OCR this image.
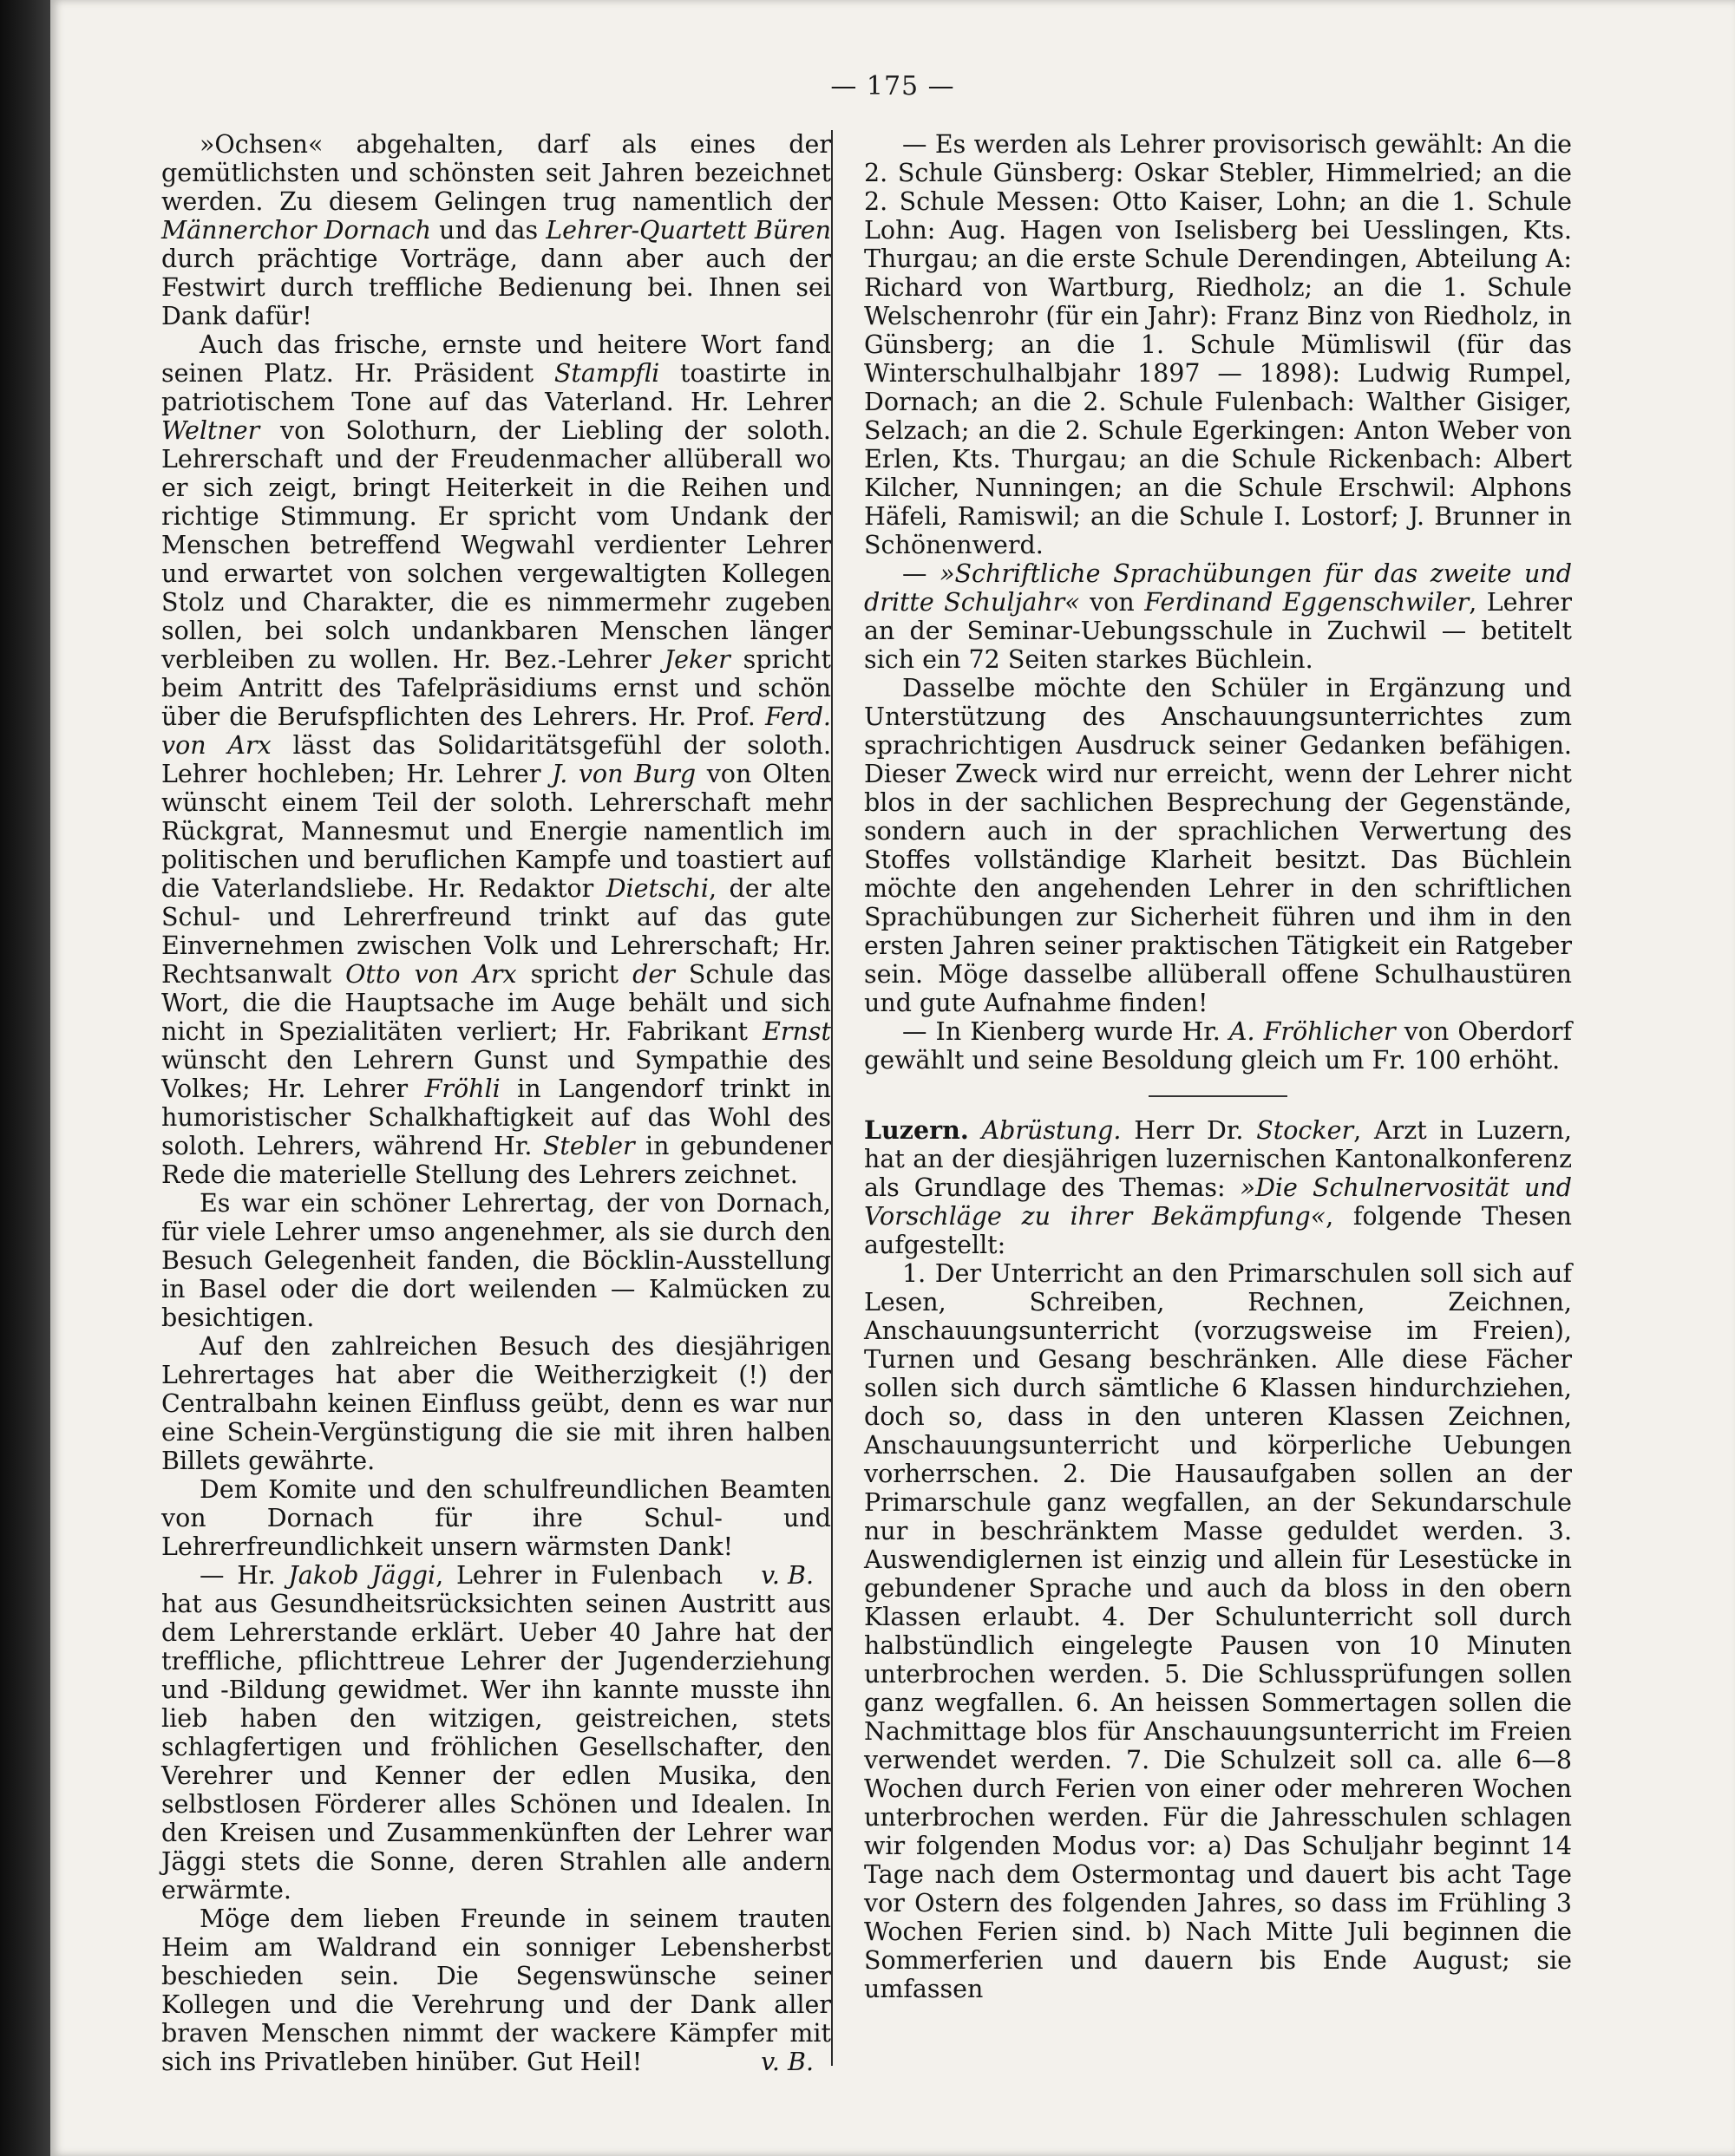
— 175 —

»Ochsen« abgehalten, darf als eines der gemütlichsten und schönsten seit Jahren bezeichnet werden. Zu diesem Gelingen trug namentlich der Männerchor Dornach und das Lehrer-Quartett Büren durch prächtige Vorträge, dann aber auch der Festwirt durch treffliche Bedienung bei. Ihnen sei Dank dafür!

Auch das frische, ernste und heitere Wort fand seinen Platz. Hr. Präsident Stampfli toastirte in patriotischem Tone auf das Vaterland. Hr. Lehrer Weltner von Solothurn, der Liebling der soloth. Lehrerschaft und der Freudenmacher allüberall wo er sich zeigt, bringt Heiterkeit in die Reihen und richtige Stimmung. Er spricht vom Undank der Menschen betreffend Wegwahl verdienter Lehrer und erwartet von solchen vergewaltigten Kollegen Stolz und Charakter, die es nimmermehr zugeben sollen, bei solch undankbaren Menschen länger verbleiben zu wollen. Hr. Bez.-Lehrer Jeker spricht beim Antritt des Tafelpräsidiums ernst und schön über die Berufspflichten des Lehrers. Hr. Prof. Ferd. von Arx lässt das Solidaritätsgefühl der soloth. Lehrer hochleben; Hr. Lehrer J. von Burg von Olten wünscht einem Teil der soloth. Lehrerschaft mehr Rückgrat, Mannesmut und Energie namentlich im politischen und beruflichen Kampfe und toastiert auf die Vaterlandsliebe. Hr. Redaktor Dietschi, der alte Schul- und Lehrerfreund trinkt auf das gute Einvernehmen zwischen Volk und Lehrerschaft; Hr. Rechtsanwalt Otto von Arx spricht der Schule das Wort, die die Hauptsache im Auge behält und sich nicht in Spezialitäten verliert; Hr. Fabrikant Ernst wünscht den Lehrern Gunst und Sympathie des Volkes; Hr. Lehrer Fröhli in Langendorf trinkt in humoristischer Schalkhaftigkeit auf das Wohl des soloth. Lehrers, während Hr. Stebler in gebundener Rede die materielle Stellung des Lehrers zeichnet.

Es war ein schöner Lehrertag, der von Dornach, für viele Lehrer umso angenehmer, als sie durch den Besuch Gelegenheit fanden, die Böcklin-Ausstellung in Basel oder die dort weilenden — Kalmücken zu besichtigen.

Auf den zahlreichen Besuch des diesjährigen Lehrertages hat aber die Weitherzigkeit (!) der Centralbahn keinen Einfluss geübt, denn es war nur eine Schein-Vergünstigung die sie mit ihren halben Billets gewährte.

Dem Komite und den schulfreundlichen Beamten von Dornach für ihre Schul- und Lehrerfreundlichkeit unsern wärmsten Dank!
v. B.

— Hr. Jakob Jäggi, Lehrer in Fulenbach hat aus Gesundheitsrücksichten seinen Austritt aus dem Lehrerstande erklärt. Ueber 40 Jahre hat der treffliche, pflichttreue Lehrer der Jugenderziehung und -Bildung gewidmet. Wer ihn kannte musste ihn lieb haben den witzigen, geistreichen, stets schlagfertigen und fröhlichen Gesellschafter, den Verehrer und Kenner der edlen Musika, den selbstlosen Förderer alles Schönen und Idealen. In den Kreisen und Zusammenkünften der Lehrer war Jäggi stets die Sonne, deren Strahlen alle andern erwärmte.

Möge dem lieben Freunde in seinem trauten Heim am Waldrand ein sonniger Lebensherbst beschieden sein. Die Segenswünsche seiner Kollegen und die Verehrung und der Dank aller braven Menschen nimmt der wackere Kämpfer mit sich ins Privatleben hinüber. Gut Heil!	v. B.

— Es werden als Lehrer provisorisch gewählt: An die 2. Schule Günsberg: Oskar Stebler, Himmelried; an die 2. Schule Messen: Otto Kaiser, Lohn; an die 1. Schule Lohn: Aug. Hagen von Iselisberg bei Uesslingen, Kts. Thurgau; an die erste Schule Derendingen, Abteilung A: Richard von Wartburg, Riedholz; an die 1. Schule Welschenrohr (für ein Jahr): Franz Binz von Riedholz, in Günsberg; an die 1. Schule Mümliswil (für das Winterschulhalbjahr 1897 — 1898): Ludwig Rumpel, Dornach; an die 2. Schule Fulenbach: Walther Gisiger, Selzach; an die 2. Schule Egerkingen: Anton Weber von Erlen, Kts. Thurgau; an die Schule Rickenbach: Albert Kilcher, Nunningen; an die Schule Erschwil: Alphons Häfeli, Ramiswil; an die Schule I. Lostorf; J. Brunner in Schönenwerd.

— »Schriftliche Sprachübungen für das zweite und dritte Schuljahr« von Ferdinand Eggenschwiler, Lehrer an der Seminar-Uebungsschule in Zuchwil — betitelt sich ein 72 Seiten starkes Büchlein.

Dasselbe möchte den Schüler in Ergänzung und Unterstützung des Anschauungsunterrichtes zum sprachrichtigen Ausdruck seiner Gedanken befähigen. Dieser Zweck wird nur erreicht, wenn der Lehrer nicht blos in der sachlichen Besprechung der Gegenstände, sondern auch in der sprachlichen Verwertung des Stoffes vollständige Klarheit besitzt. Das Büchlein möchte den angehenden Lehrer in den schriftlichen Sprachübungen zur Sicherheit führen und ihm in den ersten Jahren seiner praktischen Tätigkeit ein Ratgeber sein. Möge dasselbe allüberall offene Schulhaustüren und gute Aufnahme finden!

— In Kienberg wurde Hr. A. Fröhlicher von Oberdorf gewählt und seine Besoldung gleich um Fr. 100 erhöht.

Luzern. Abrüstung. Herr Dr. Stocker, Arzt in Luzern, hat an der diesjährigen luzernischen Kantonalkonferenz als Grundlage des Themas: »Die Schulnervosität und Vorschläge zu ihrer Bekämpfung«, folgende Thesen aufgestellt:

1. Der Unterricht an den Primarschulen soll sich auf Lesen, Schreiben, Rechnen, Zeichnen, Anschauungsunterricht (vorzugsweise im Freien), Turnen und Gesang beschränken. Alle diese Fächer sollen sich durch sämtliche 6 Klassen hindurchziehen, doch so, dass in den unteren Klassen Zeichnen, Anschauungsunterricht und körperliche Uebungen vorherrschen. 2. Die Hausaufgaben sollen an der Primarschule ganz wegfallen, an der Sekundarschule nur in beschränktem Masse geduldet werden. 3. Auswendiglernen ist einzig und allein für Lesestücke in gebundener Sprache und auch da bloss in den obern Klassen erlaubt. 4. Der Schulunterricht soll durch halbstündlich eingelegte Pausen von 10 Minuten unterbrochen werden. 5. Die Schlussprüfungen sollen ganz wegfallen. 6. An heissen Sommertagen sollen die Nachmittage blos für Anschauungsunterricht im Freien verwendet werden. 7. Die Schulzeit soll ca. alle 6—8 Wochen durch Ferien von einer oder mehreren Wochen unterbrochen werden. Für die Jahresschulen schlagen wir folgenden Modus vor: a) Das Schuljahr beginnt 14 Tage nach dem Ostermontag und dauert bis acht Tage vor Ostern des folgenden Jahres, so dass im Frühling 3 Wochen Ferien sind. b) Nach Mitte Juli beginnen die Sommerferien und dauern bis Ende August; sie umfassen
